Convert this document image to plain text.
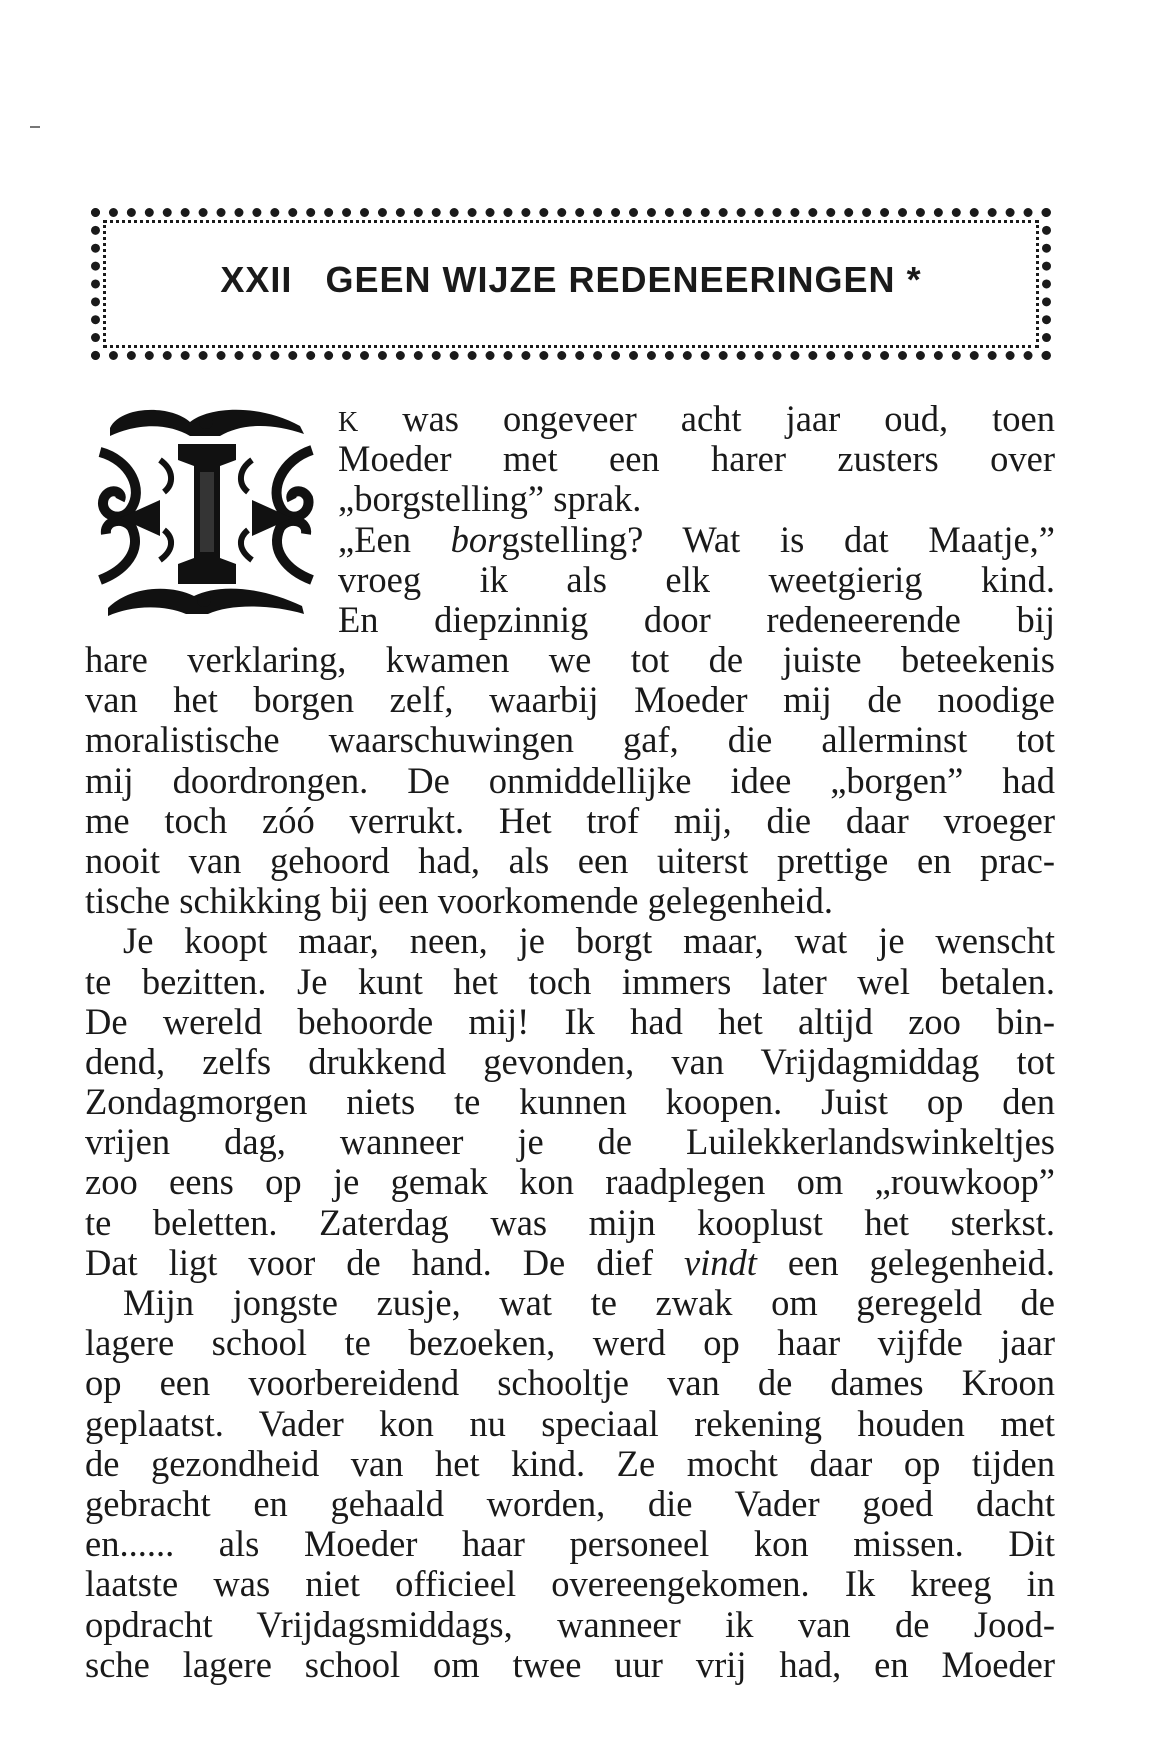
XXII GEEN WIJZE REDENEERINGEN *
I
K was ongeveer acht jaar oud, toen
Moeder met een harer zusters over
„borgstelling” sprak.
„Een borgstelling? Wat is dat Maatje,”
vroeg ik als elk weetgierig kind.
En diepzinnig door redeneerende bij
hare verklaring, kwamen we tot de juiste beteekenis
van het borgen zelf, waarbij Moeder mij de noodige
moralistische waarschuwingen gaf, die allerminst tot
mij doordrongen. De onmiddellijke idee „borgen” had
me toch zóó verrukt. Het trof mij, die daar vroeger
nooit van gehoord had, als een uiterst prettige en prac-
tische schikking bij een voorkomende gelegenheid.
Je koopt maar, neen, je borgt maar, wat je wenscht
te bezitten. Je kunt het toch immers later wel betalen.
De wereld behoorde mij! Ik had het altijd zoo bin-
dend, zelfs drukkend gevonden, van Vrijdagmiddag tot
Zondagmorgen niets te kunnen koopen. Juist op den
vrijen dag, wanneer je de Luilekkerlandswinkeltjes
zoo eens op je gemak kon raadplegen om „rouwkoop”
te beletten. Zaterdag was mijn kooplust het sterkst.
Dat ligt voor de hand. De dief vindt een gelegenheid.
Mijn jongste zusje, wat te zwak om geregeld de
lagere school te bezoeken, werd op haar vijfde jaar
op een voorbereidend schooltje van de dames Kroon
geplaatst. Vader kon nu speciaal rekening houden met
de gezondheid van het kind. Ze mocht daar op tijden
gebracht en gehaald worden, die Vader goed dacht
en...... als Moeder haar personeel kon missen. Dit
laatste was niet officieel overeengekomen. Ik kreeg in
opdracht Vrijdagsmiddags, wanneer ik van de Jood-
sche lagere school om twee uur vrij had, en Moeder
